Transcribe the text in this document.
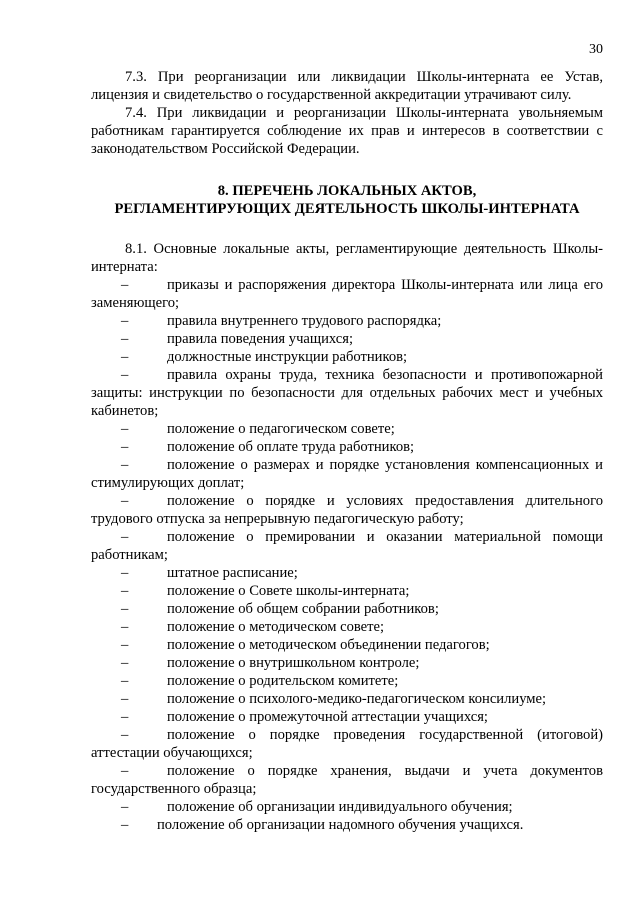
30

7.3. При реорганизации или ликвидации Школы-интерната ее Устав, лицензия и свидетельство о государственной аккредитации утрачивают силу.

7.4. При ликвидации и реорганизации Школы-интерната увольняемым работникам гарантируется соблюдение их прав и интересов в соответствии с законодательством Российской Федерации.

8. ПЕРЕЧЕНЬ ЛОКАЛЬНЫХ АКТОВ,
РЕГЛАМЕНТИРУЮЩИХ ДЕЯТЕЛЬНОСТЬ ШКОЛЫ-ИНТЕРНАТА

8.1. Основные локальные акты, регламентирующие деятельность Школы-интерната:

–	приказы и распоряжения директора Школы-интерната или лица его заменяющего;
–	правила внутреннего трудового распорядка;
–	правила поведения учащихся;
–	должностные инструкции работников;
–	правила охраны труда, техника безопасности и противопожарной защиты: инструкции по безопасности для отдельных рабочих мест и учебных кабинетов;
–	положение о педагогическом совете;
–	положение об оплате труда работников;
–	положение о размерах и порядке установления компенсационных и стимулирующих доплат;
–	положение о порядке и условиях предоставления длительного трудового отпуска за непрерывную педагогическую работу;
–	положение о премировании и оказании материальной помощи работникам;
–	штатное расписание;
–	положение о Совете школы-интерната;
–	положение об общем собрании работников;
–	положение о методическом совете;
–	положение о методическом объединении педагогов;
–	положение о внутришкольном контроле;
–	положение о родительском комитете;
–	положение о психолого-медико-педагогическом консилиуме;
–	положение о промежуточной аттестации учащихся;
–	положение о порядке проведения государственной (итоговой) аттестации обучающихся;
–	положение о порядке хранения, выдачи и учета документов государственного образца;
–	положение об организации индивидуального обучения;
– положение об организации надомного обучения учащихся.
